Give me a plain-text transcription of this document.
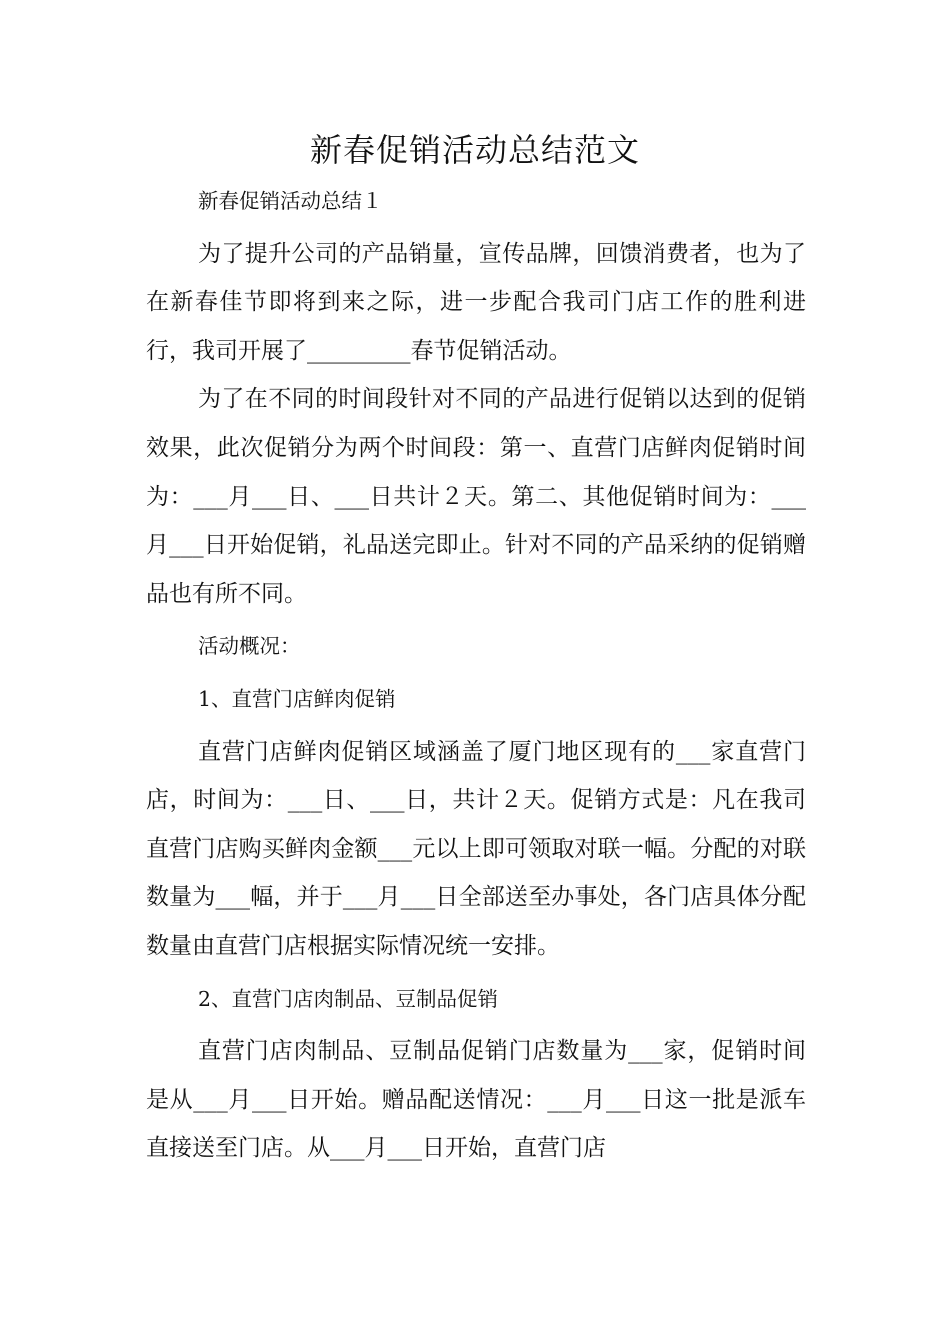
新春促销活动总结范文

新春促销活动总结１

为了提升公司的产品销量，宣传品牌，回馈消费者，也为了在新春佳节即将到来之际，进一步配合我司门店工作的胜利进行，我司开展了_________春节促销活动。

为了在不同的时间段针对不同的产品进行促销以达到的促销效果，此次促销分为两个时间段：第一、直营门店鲜肉促销时间为：___月___日、___日共计２天。第二、其他促销时间为：___月___日开始促销，礼品送完即止。针对不同的产品采纳的促销赠品也有所不同。

活动概况：

1、直营门店鲜肉促销

直营门店鲜肉促销区域涵盖了厦门地区现有的___家直营门店，时间为：___日、___日，共计２天。促销方式是：凡在我司直营门店购买鲜肉金额___元以上即可领取对联一幅。分配的对联数量为___幅，并于___月___日全部送至办事处，各门店具体分配数量由直营门店根据实际情况统一安排。

2、直营门店肉制品、豆制品促销

直营门店肉制品、豆制品促销门店数量为___家，促销时间是从___月___日开始。赠品配送情况：___月___日这一批是派车直接送至门店。从___月___日开始，直营门店
